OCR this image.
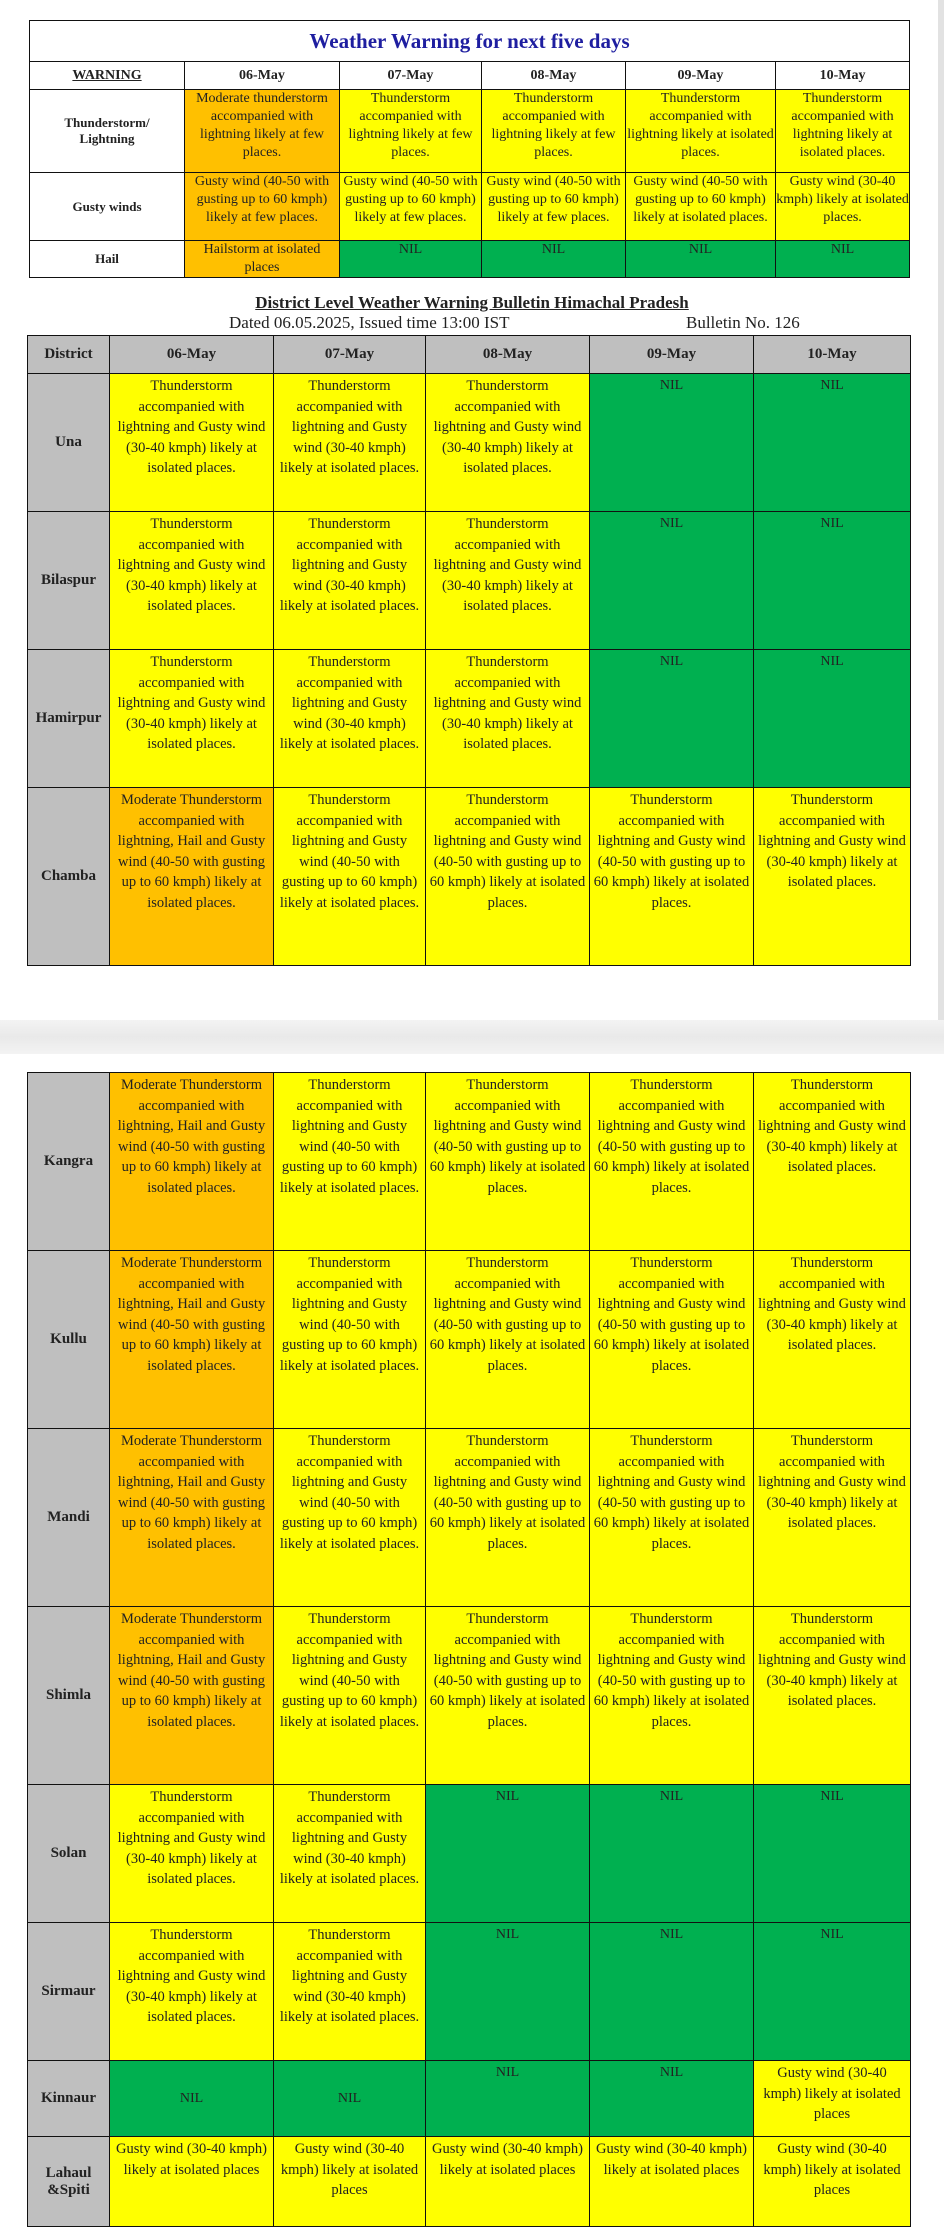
Weather Warning for next five days					
WARNING	06-May	07-May	08-May	09-May	10-May
Thunderstorm/
Lightning	Moderate thunderstorm accompanied with lightning likely at few places.	Thunderstorm accompanied with lightning likely at few places.	Thunderstorm accompanied with lightning likely at few places.	Thunderstorm accompanied with lightning likely at isolated places.	Thunderstorm accompanied with lightning likely at isolated places.
Gusty winds	Gusty wind (40-50 with gusting up to 60 kmph) likely at few places.	Gusty wind (40-50 with gusting up to 60 kmph) likely at few places.	Gusty wind (40-50 with gusting up to 60 kmph) likely at few places.	Gusty wind (40-50 with gusting up to 60 kmph) likely at isolated places.	Gusty wind (30-40 kmph) likely at isolated places.
Hail	Hailstorm at isolated places	NIL	NIL	NIL	NIL
District Level Weather Warning Bulletin Himachal Pradesh
Dated 06.05.2025, Issued time 13:00 IST	Bulletin No. 126
District	06-May	07-May	08-May	09-May	10-May
Una	Thunderstorm accompanied with lightning and Gusty wind (30-40 kmph) likely at isolated places.	Thunderstorm accompanied with lightning and Gusty wind (30-40 kmph) likely at isolated places.	Thunderstorm accompanied with lightning and Gusty wind (30-40 kmph) likely at isolated places.	NIL	NIL
Bilaspur	Thunderstorm accompanied with lightning and Gusty wind (30-40 kmph) likely at isolated places.	Thunderstorm accompanied with lightning and Gusty wind (30-40 kmph) likely at isolated places.	Thunderstorm accompanied with lightning and Gusty wind (30-40 kmph) likely at isolated places.	NIL	NIL
Hamirpur	Thunderstorm accompanied with lightning and Gusty wind (30-40 kmph) likely at isolated places.	Thunderstorm accompanied with lightning and Gusty wind (30-40 kmph) likely at isolated places.	Thunderstorm accompanied with lightning and Gusty wind (30-40 kmph) likely at isolated places.	NIL	NIL
Chamba	Moderate Thunderstorm accompanied with lightning, Hail and Gusty wind (40-50 with gusting up to 60 kmph) likely at isolated places.	Thunderstorm accompanied with lightning and Gusty wind (40-50 with gusting up to 60 kmph) likely at isolated places.	Thunderstorm accompanied with lightning and Gusty wind (40-50 with gusting up to 60 kmph) likely at isolated places.	Thunderstorm accompanied with lightning and Gusty wind (40-50 with gusting up to 60 kmph) likely at isolated places.	Thunderstorm accompanied with lightning and Gusty wind (30-40 kmph) likely at isolated places.
Kangra	Moderate Thunderstorm accompanied with lightning, Hail and Gusty wind (40-50 with gusting up to 60 kmph) likely at isolated places.	Thunderstorm accompanied with lightning and Gusty wind (40-50 with gusting up to 60 kmph) likely at isolated places.	Thunderstorm accompanied with lightning and Gusty wind (40-50 with gusting up to 60 kmph) likely at isolated places.	Thunderstorm accompanied with lightning and Gusty wind (40-50 with gusting up to 60 kmph) likely at isolated places.	Thunderstorm accompanied with lightning and Gusty wind (30-40 kmph) likely at isolated places.
Kullu	Moderate Thunderstorm accompanied with lightning, Hail and Gusty wind (40-50 with gusting up to 60 kmph) likely at isolated places.	Thunderstorm accompanied with lightning and Gusty wind (40-50 with gusting up to 60 kmph) likely at isolated places.	Thunderstorm accompanied with lightning and Gusty wind (40-50 with gusting up to 60 kmph) likely at isolated places.	Thunderstorm accompanied with lightning and Gusty wind (40-50 with gusting up to 60 kmph) likely at isolated places.	Thunderstorm accompanied with lightning and Gusty wind (30-40 kmph) likely at isolated places.
Mandi	Moderate Thunderstorm accompanied with lightning, Hail and Gusty wind (40-50 with gusting up to 60 kmph) likely at isolated places.	Thunderstorm accompanied with lightning and Gusty wind (40-50 with gusting up to 60 kmph) likely at isolated places.	Thunderstorm accompanied with lightning and Gusty wind (40-50 with gusting up to 60 kmph) likely at isolated places.	Thunderstorm accompanied with lightning and Gusty wind (40-50 with gusting up to 60 kmph) likely at isolated places.	Thunderstorm accompanied with lightning and Gusty wind (30-40 kmph) likely at isolated places.
Shimla	Moderate Thunderstorm accompanied with lightning, Hail and Gusty wind (40-50 with gusting up to 60 kmph) likely at isolated places.	Thunderstorm accompanied with lightning and Gusty wind (40-50 with gusting up to 60 kmph) likely at isolated places.	Thunderstorm accompanied with lightning and Gusty wind (40-50 with gusting up to 60 kmph) likely at isolated places.	Thunderstorm accompanied with lightning and Gusty wind (40-50 with gusting up to 60 kmph) likely at isolated places.	Thunderstorm accompanied with lightning and Gusty wind (30-40 kmph) likely at isolated places.
Solan	Thunderstorm accompanied with lightning and Gusty wind (30-40 kmph) likely at isolated places.	Thunderstorm accompanied with lightning and Gusty wind (30-40 kmph) likely at isolated places.	NIL	NIL	NIL
Sirmaur	Thunderstorm accompanied with lightning and Gusty wind (30-40 kmph) likely at isolated places.	Thunderstorm accompanied with lightning and Gusty wind (30-40 kmph) likely at isolated places.	NIL	NIL	NIL
Kinnaur	NIL	NIL	NIL	NIL	Gusty wind (30-40 kmph) likely at isolated places
Lahaul
&Spiti	Gusty wind (30-40 kmph) likely at isolated places	Gusty wind (30-40 kmph) likely at isolated places	Gusty wind (30-40 kmph) likely at isolated places	Gusty wind (30-40 kmph) likely at isolated places	Gusty wind (30-40 kmph) likely at isolated places
